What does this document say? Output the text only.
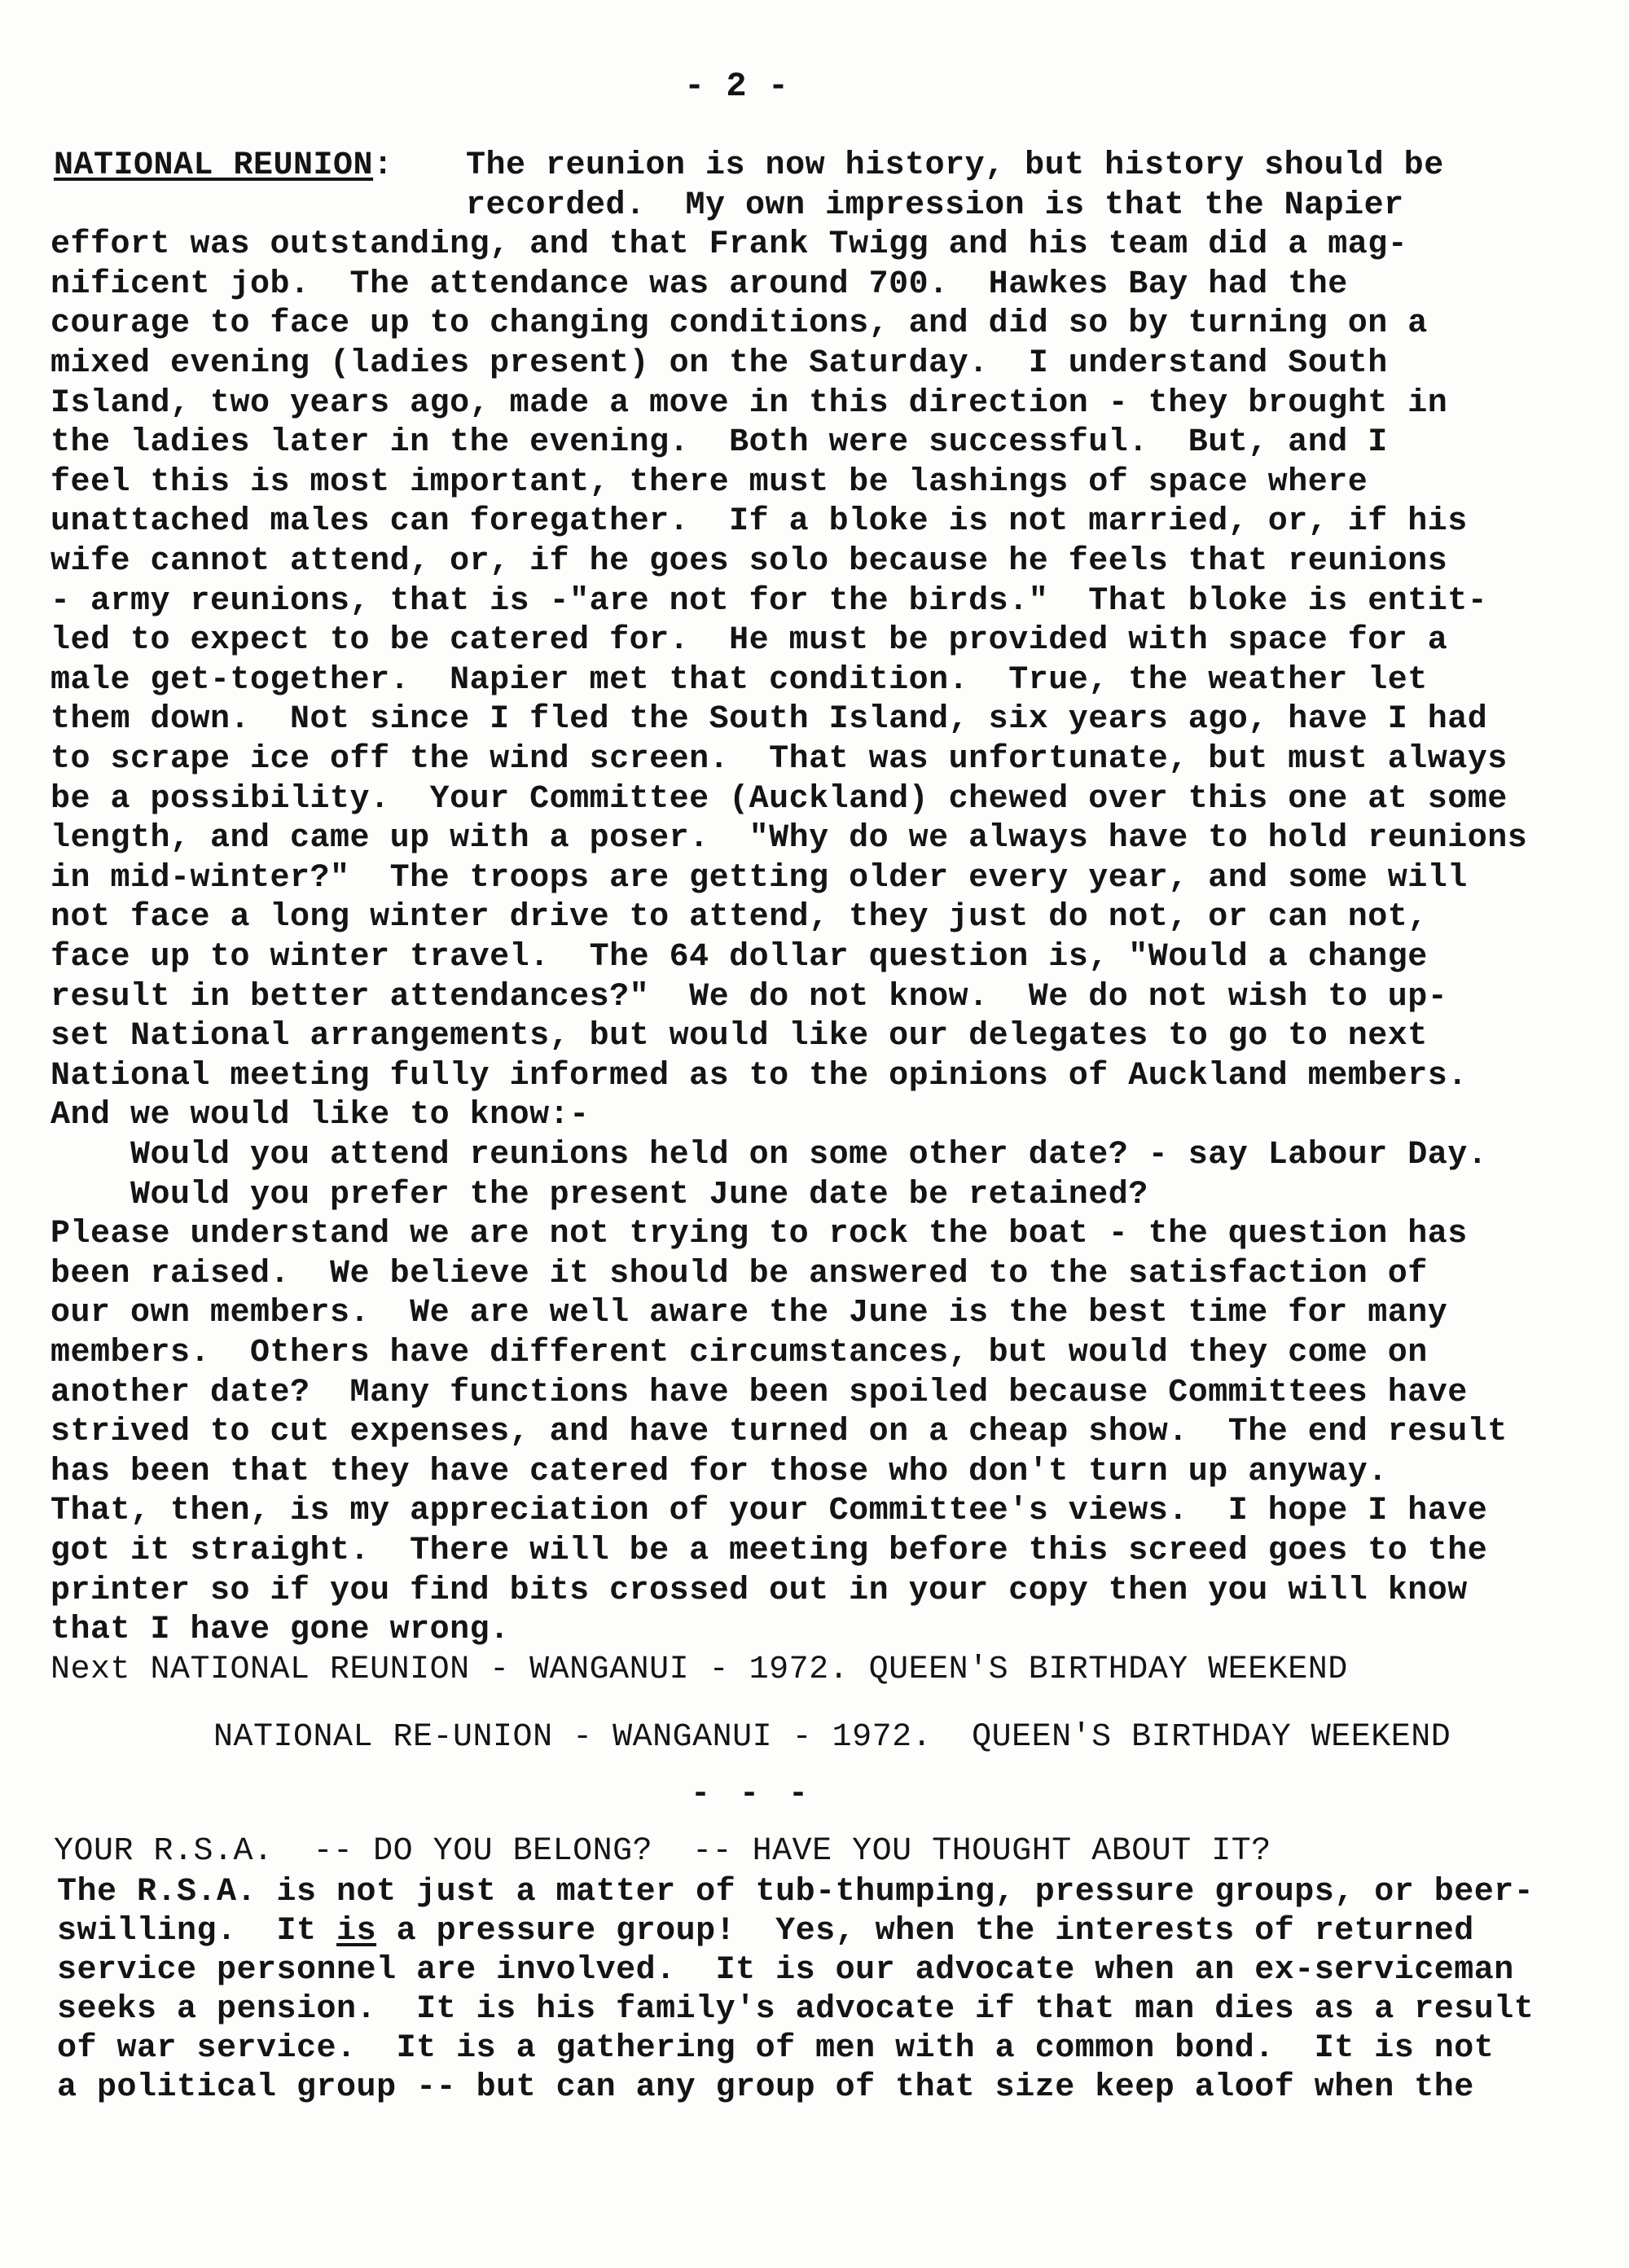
- 2 -
NATIONAL REUNION: The reunion is now history, but history should be
recorded.  My own impression is that the Napier
effort was outstanding, and that Frank Twigg and his team did a mag-
nificent job.  The attendance was around 700.  Hawkes Bay had the
courage to face up to changing conditions, and did so by turning on a
mixed evening (ladies present) on the Saturday.  I understand South
Island, two years ago, made a move in this direction - they brought in
the ladies later in the evening.  Both were successful.  But, and I
feel this is most important, there must be lashings of space where
unattached males can foregather.  If a bloke is not married, or, if his
wife cannot attend, or, if he goes solo because he feels that reunions
- army reunions, that is -"are not for the birds."  That bloke is entit-
led to expect to be catered for.  He must be provided with space for a
male get-together.  Napier met that condition.  True, the weather let
them down.  Not since I fled the South Island, six years ago, have I had
to scrape ice off the wind screen.  That was unfortunate, but must always
be a possibility.  Your Committee (Auckland) chewed over this one at some
length, and came up with a poser.  "Why do we always have to hold reunions
in mid-winter?"  The troops are getting older every year, and some will
not face a long winter drive to attend, they just do not, or can not,
face up to winter travel.  The 64 dollar question is, "Would a change
result in better attendances?"  We do not know.  We do not wish to up-
set National arrangements, but would like our delegates to go to next
National meeting fully informed as to the opinions of Auckland members.
And we would like to know:-
Would you attend reunions held on some other date? - say Labour Day.
Would you prefer the present June date be retained?
Please understand we are not trying to rock the boat - the question has
been raised.  We believe it should be answered to the satisfaction of
our own members.  We are well aware the June is the best time for many
members.  Others have different circumstances, but would they come on
another date?  Many functions have been spoiled because Committees have
strived to cut expenses, and have turned on a cheap show.  The end result
has been that they have catered for those who don't turn up anyway.
That, then, is my appreciation of your Committee's views.  I hope I have
got it straight.  There will be a meeting before this screed goes to the
printer so if you find bits crossed out in your copy then you will know
that I have gone wrong.
Next NATIONAL REUNION - WANGANUI - 1972. QUEEN'S BIRTHDAY WEEKEND
NATIONAL RE-UNION - WANGANUI - 1972.  QUEEN'S BIRTHDAY WEEKEND
- - -
YOUR R.S.A.  -- DO YOU BELONG?  -- HAVE YOU THOUGHT ABOUT IT?
The R.S.A. is not just a matter of tub-thumping, pressure groups, or beer-
swilling.  It is a pressure group!  Yes, when the interests of returned
service personnel are involved.  It is our advocate when an ex-serviceman
seeks a pension.  It is his family's advocate if that man dies as a result
of war service.  It is a gathering of men with a common bond.  It is not
a political group -- but can any group of that size keep aloof when the
